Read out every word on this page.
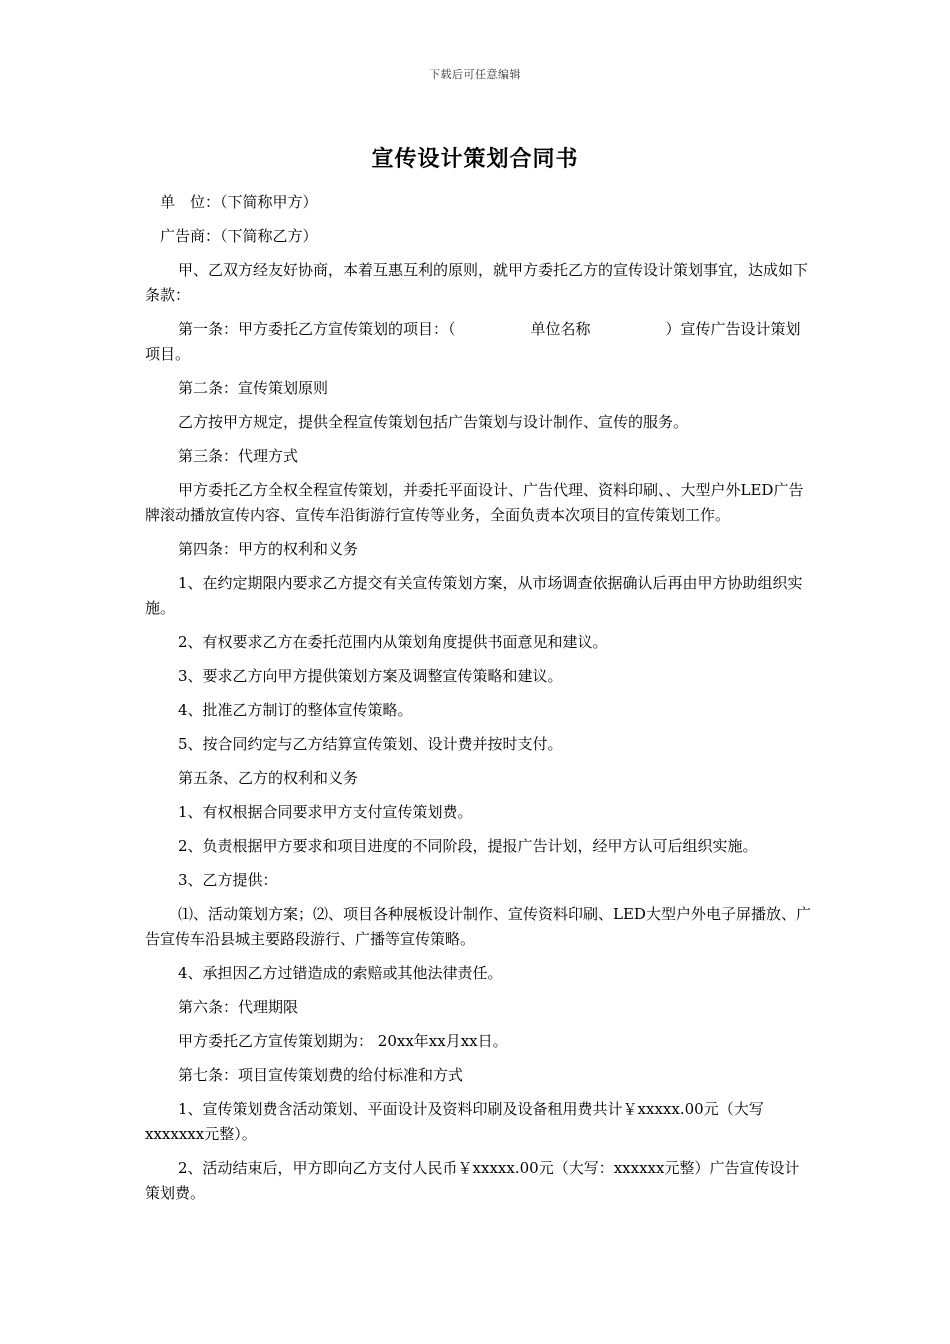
下载后可任意编辑
宣传设计策划合同书

单　位：（下简称甲方）

广告商：（下简称乙方）

甲、乙双方经友好协商，本着互惠互利的原则，就甲方委托乙方的宣传设计策划事宜，达成如下条款：

第一条：甲方委托乙方宣传策划的项目：（　　　　　单位名称　　　　　）宣传广告设计策划项目。

第二条：宣传策划原则

乙方按甲方规定，提供全程宣传策划包括广告策划与设计制作、宣传的服务。

第三条：代理方式

甲方委托乙方全权全程宣传策划，并委托平面设计、广告代理、资料印刷、、大型户外LED广告牌滚动播放宣传内容、宣传车沿街游行宣传等业务，全面负责本次项目的宣传策划工作。

第四条：甲方的权利和义务

1、在约定期限内要求乙方提交有关宣传策划方案，从市场调查依据确认后再由甲方协助组织实施。

2、有权要求乙方在委托范围内从策划角度提供书面意见和建议。

3、要求乙方向甲方提供策划方案及调整宣传策略和建议。

4、批准乙方制订的整体宣传策略。

5、按合同约定与乙方结算宣传策划、设计费并按时支付。

第五条、乙方的权利和义务

1、有权根据合同要求甲方支付宣传策划费。

2、负责根据甲方要求和项目进度的不同阶段，提报广告计划，经甲方认可后组织实施。

3、乙方提供：

⑴、活动策划方案；⑵、项目各种展板设计制作、宣传资料印刷、LED大型户外电子屏播放、广告宣传车沿县城主要路段游行、广播等宣传策略。

4、承担因乙方过错造成的索赔或其他法律责任。

第六条：代理期限

甲方委托乙方宣传策划期为： 20xx年xx月xx日。

第七条：项目宣传策划费的给付标准和方式

1、宣传策划费含活动策划、平面设计及资料印刷及设备租用费共计￥xxxxx.00元（大写xxxxxxx元整）。

2、活动结束后，甲方即向乙方支付人民币￥xxxxx.00元（大写：xxxxxx元整）广告宣传设计策划费。
